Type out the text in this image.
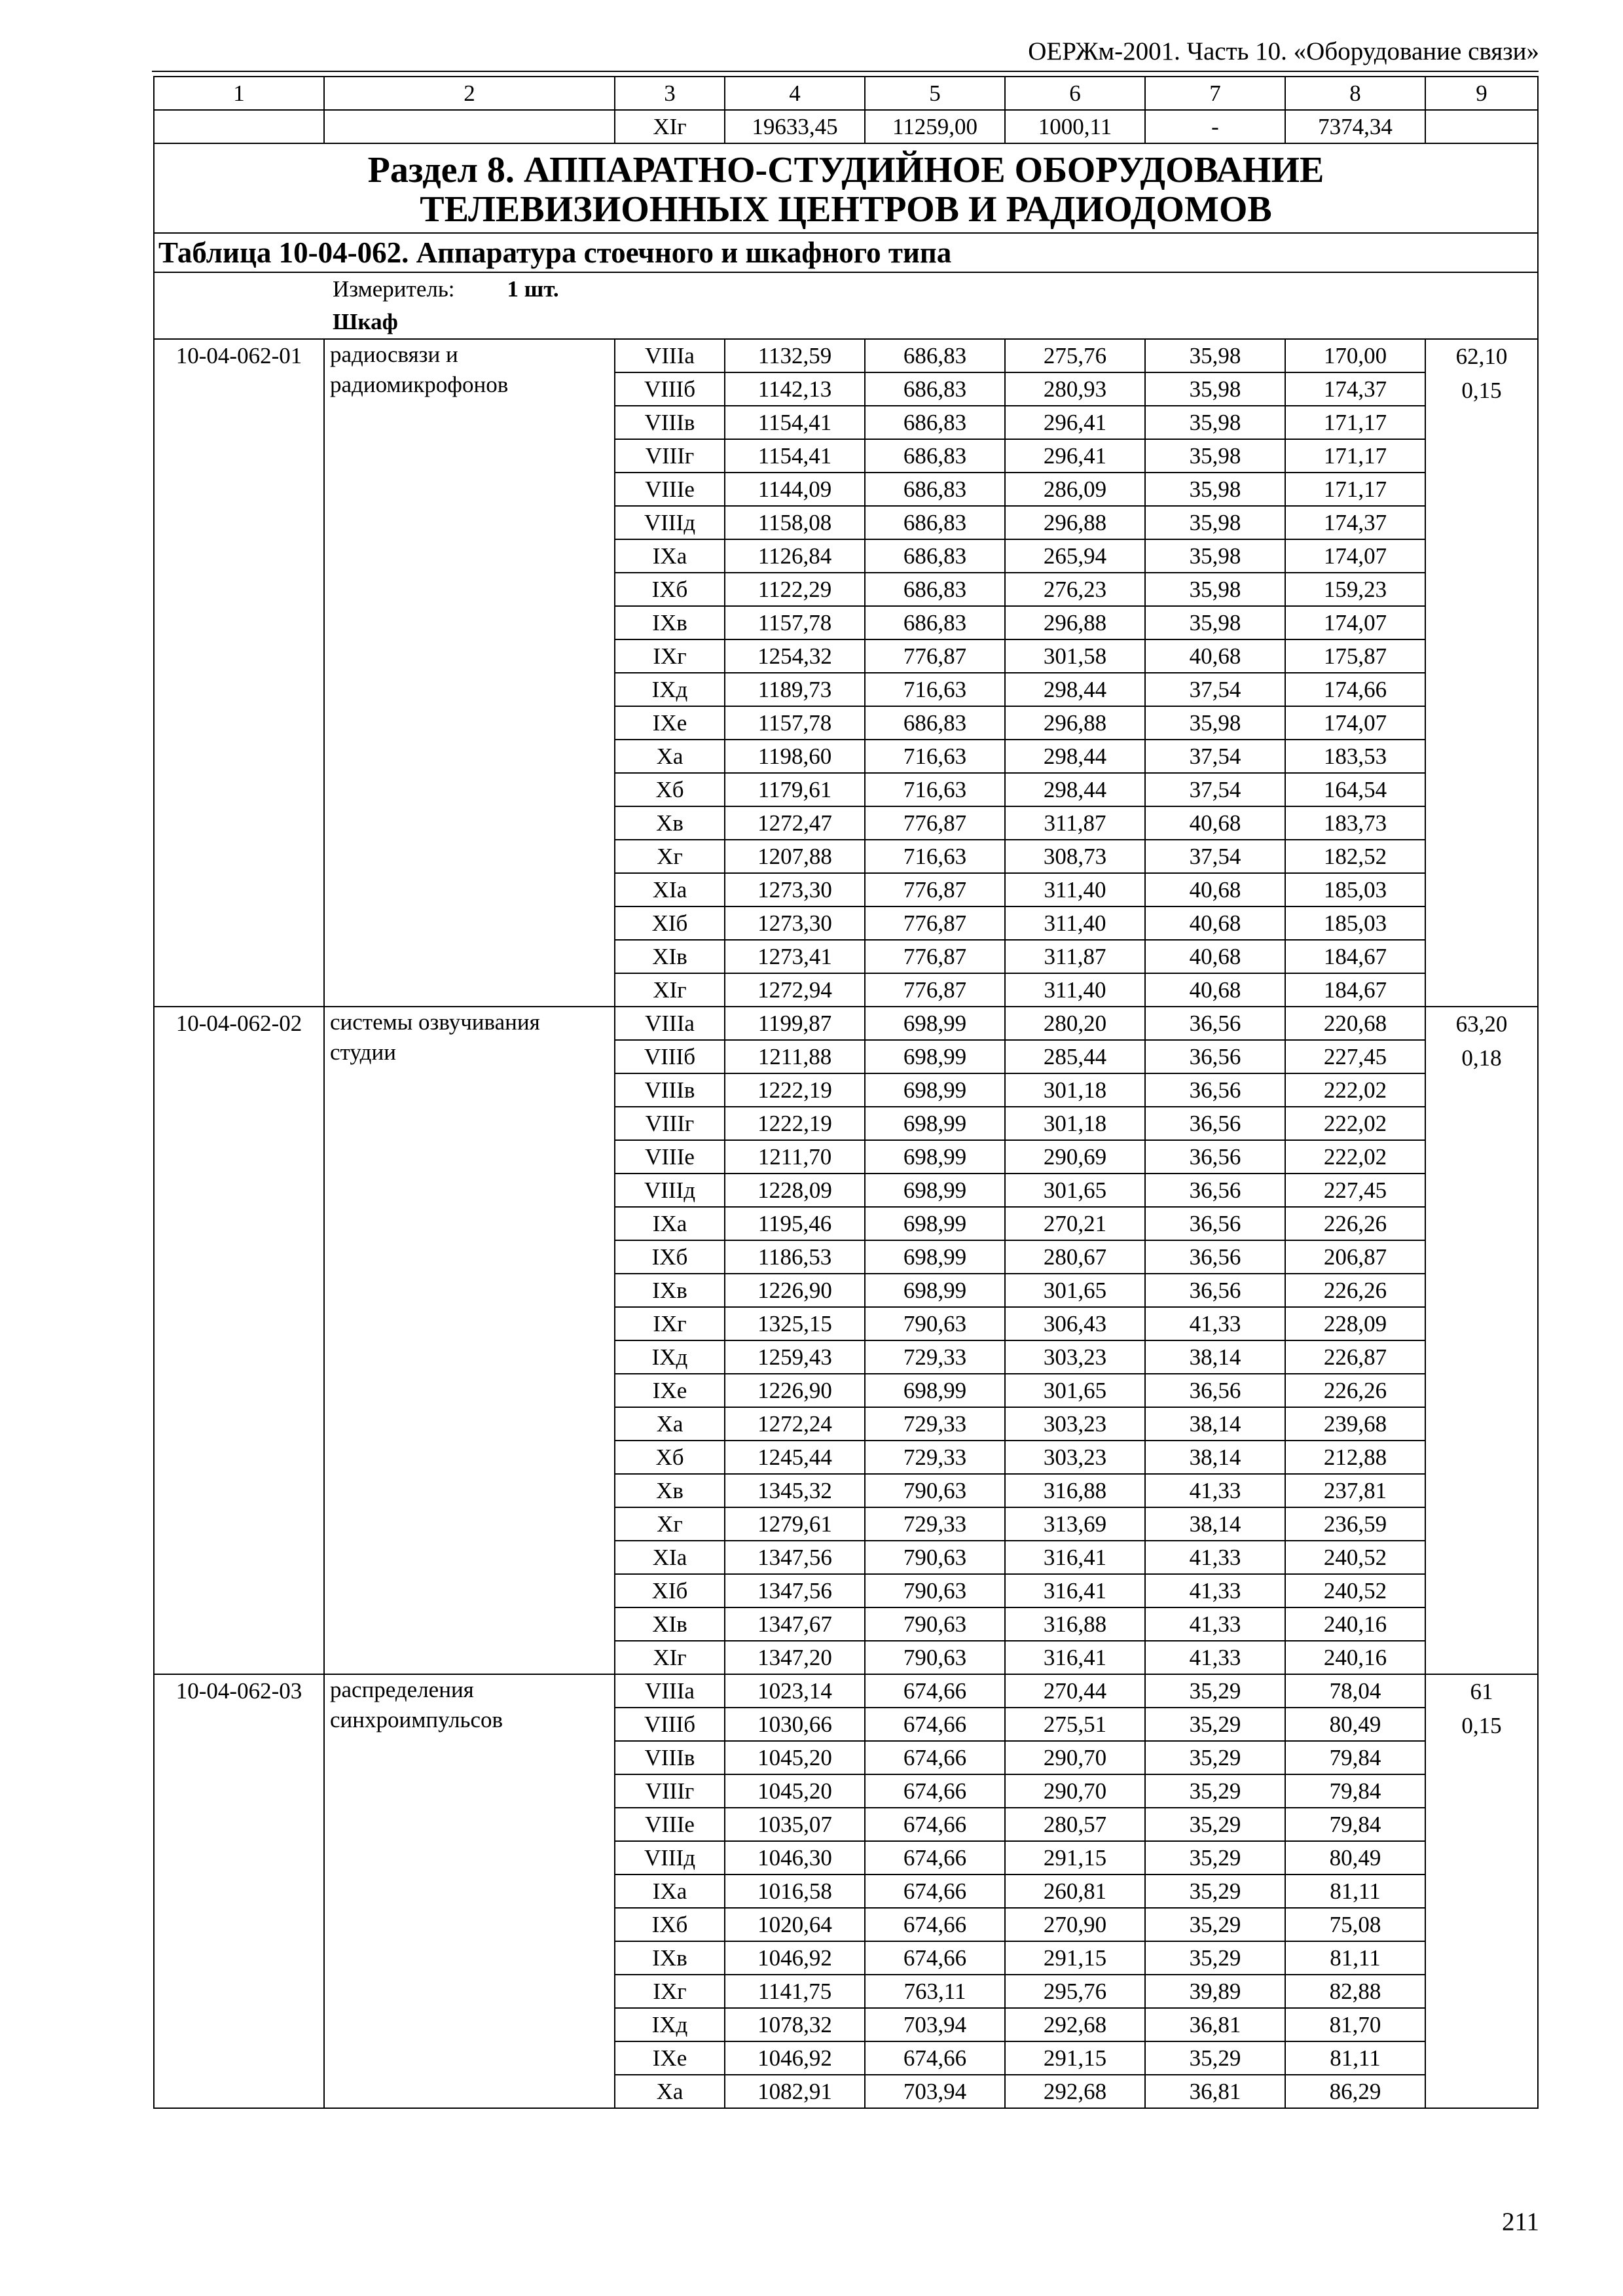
ОЕРЖм-2001. Часть 10. «Оборудование связи»
1	2	3	4	5	6	7	8	9
		XIг	19633,45	11259,00	1000,11	-	7374,34	

Раздел 8. АППАРАТНО-СТУДИЙНОЕ ОБОРУДОВАНИЕ
ТЕЛЕВИЗИОННЫХ ЦЕНТРОВ И РАДИОДОМОВ								

Таблица 10-04-062. Аппаратура стоечного и шкафного типа								
Измеритель: 1 шт.								
Шкаф								
10-04-062-01	радиосвязи и радиомикрофонов	VIIIа	1132,59	686,83	275,76	35,98	170,00	62,10
0,15

		VIIIб	1142,13	686,83	280,93	35,98	174,37	
		VIIIв	1154,41	686,83	296,41	35,98	171,17	
		VIIIг	1154,41	686,83	296,41	35,98	171,17	
		VIIIе	1144,09	686,83	286,09	35,98	171,17	
		VIIIд	1158,08	686,83	296,88	35,98	174,37	
		IXа	1126,84	686,83	265,94	35,98	174,07	
		IXб	1122,29	686,83	276,23	35,98	159,23	
		IXв	1157,78	686,83	296,88	35,98	174,07	
		IXг	1254,32	776,87	301,58	40,68	175,87	
		IXд	1189,73	716,63	298,44	37,54	174,66	
		IXе	1157,78	686,83	296,88	35,98	174,07	
		Xа	1198,60	716,63	298,44	37,54	183,53	
		Xб	1179,61	716,63	298,44	37,54	164,54	
		Xв	1272,47	776,87	311,87	40,68	183,73	
		Xг	1207,88	716,63	308,73	37,54	182,52	
		XIа	1273,30	776,87	311,40	40,68	185,03	
		XIб	1273,30	776,87	311,40	40,68	185,03	
		XIв	1273,41	776,87	311,87	40,68	184,67	
		XIг	1272,94	776,87	311,40	40,68	184,67	
10-04-062-02	системы озвучивания студии	VIIIа	1199,87	698,99	280,20	36,56	220,68	63,20
0,18

		VIIIб	1211,88	698,99	285,44	36,56	227,45	
		VIIIв	1222,19	698,99	301,18	36,56	222,02	
		VIIIг	1222,19	698,99	301,18	36,56	222,02	
		VIIIе	1211,70	698,99	290,69	36,56	222,02	
		VIIIд	1228,09	698,99	301,65	36,56	227,45	
		IXа	1195,46	698,99	270,21	36,56	226,26	
		IXб	1186,53	698,99	280,67	36,56	206,87	
		IXв	1226,90	698,99	301,65	36,56	226,26	
		IXг	1325,15	790,63	306,43	41,33	228,09	
		IXд	1259,43	729,33	303,23	38,14	226,87	
		IXе	1226,90	698,99	301,65	36,56	226,26	
		Xа	1272,24	729,33	303,23	38,14	239,68	
		Xб	1245,44	729,33	303,23	38,14	212,88	
		Xв	1345,32	790,63	316,88	41,33	237,81	
		Xг	1279,61	729,33	313,69	38,14	236,59	
		XIа	1347,56	790,63	316,41	41,33	240,52	
		XIб	1347,56	790,63	316,41	41,33	240,52	
		XIв	1347,67	790,63	316,88	41,33	240,16	
		XIг	1347,20	790,63	316,41	41,33	240,16	
10-04-062-03	распределения синхроимпульсов	VIIIа	1023,14	674,66	270,44	35,29	78,04	61
0,15

		VIIIб	1030,66	674,66	275,51	35,29	80,49	
		VIIIв	1045,20	674,66	290,70	35,29	79,84	
		VIIIг	1045,20	674,66	290,70	35,29	79,84	
		VIIIе	1035,07	674,66	280,57	35,29	79,84	
		VIIIд	1046,30	674,66	291,15	35,29	80,49	
		IXа	1016,58	674,66	260,81	35,29	81,11	
		IXб	1020,64	674,66	270,90	35,29	75,08	
		IXв	1046,92	674,66	291,15	35,29	81,11	
		IXг	1141,75	763,11	295,76	39,89	82,88	
		IXд	1078,32	703,94	292,68	36,81	81,70	
		IXе	1046,92	674,66	291,15	35,29	81,11	
		Xа	1082,91	703,94	292,68	36,81	86,29	
211
